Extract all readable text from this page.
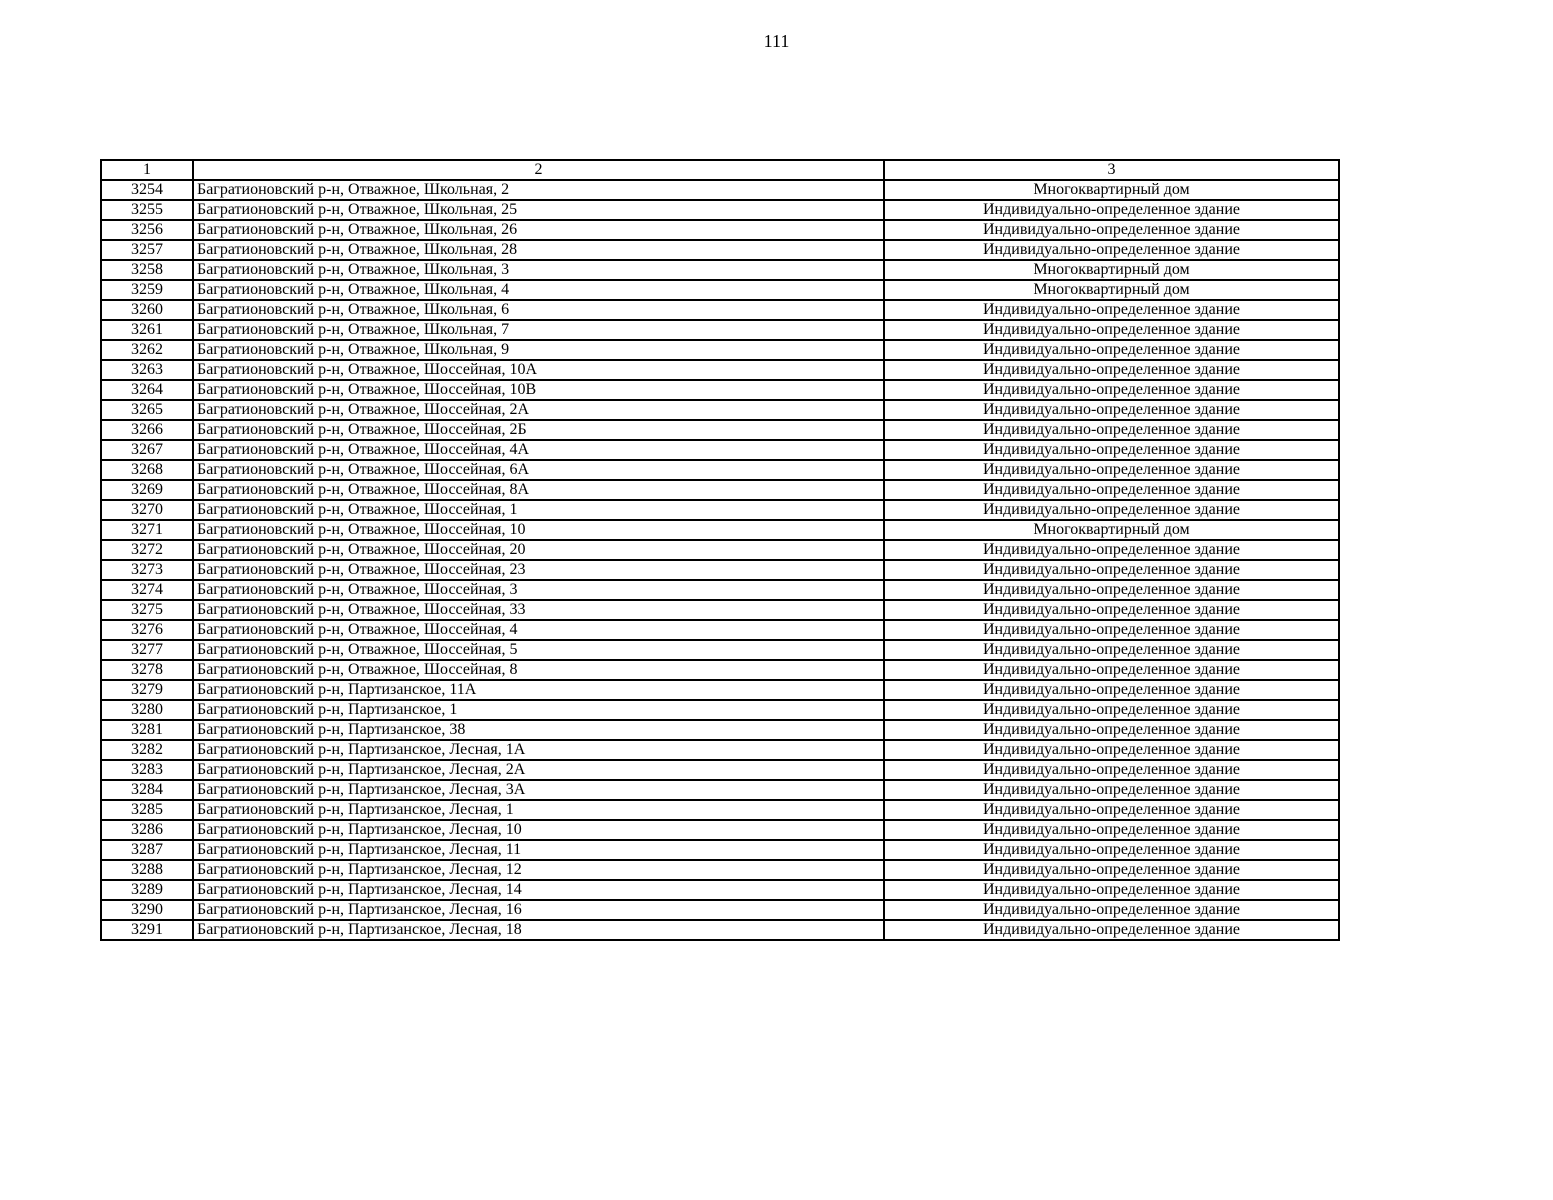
111
1	2	3
3254	Багратионовский р-н, Отважное, Школьная, 2	Многоквартирный дом
3255	Багратионовский р-н, Отважное, Школьная, 25	Индивидуально-определенное здание
3256	Багратионовский р-н, Отважное, Школьная, 26	Индивидуально-определенное здание
3257	Багратионовский р-н, Отважное, Школьная, 28	Индивидуально-определенное здание
3258	Багратионовский р-н, Отважное, Школьная, 3	Многоквартирный дом
3259	Багратионовский р-н, Отважное, Школьная, 4	Многоквартирный дом
3260	Багратионовский р-н, Отважное, Школьная, 6	Индивидуально-определенное здание
3261	Багратионовский р-н, Отважное, Школьная, 7	Индивидуально-определенное здание
3262	Багратионовский р-н, Отважное, Школьная, 9	Индивидуально-определенное здание
3263	Багратионовский р-н, Отважное, Шоссейная, 10А	Индивидуально-определенное здание
3264	Багратионовский р-н, Отважное, Шоссейная, 10В	Индивидуально-определенное здание
3265	Багратионовский р-н, Отважное, Шоссейная, 2А	Индивидуально-определенное здание
3266	Багратионовский р-н, Отважное, Шоссейная, 2Б	Индивидуально-определенное здание
3267	Багратионовский р-н, Отважное, Шоссейная, 4А	Индивидуально-определенное здание
3268	Багратионовский р-н, Отважное, Шоссейная, 6А	Индивидуально-определенное здание
3269	Багратионовский р-н, Отважное, Шоссейная, 8А	Индивидуально-определенное здание
3270	Багратионовский р-н, Отважное, Шоссейная, 1	Индивидуально-определенное здание
3271	Багратионовский р-н, Отважное, Шоссейная, 10	Многоквартирный дом
3272	Багратионовский р-н, Отважное, Шоссейная, 20	Индивидуально-определенное здание
3273	Багратионовский р-н, Отважное, Шоссейная, 23	Индивидуально-определенное здание
3274	Багратионовский р-н, Отважное, Шоссейная, 3	Индивидуально-определенное здание
3275	Багратионовский р-н, Отважное, Шоссейная, 33	Индивидуально-определенное здание
3276	Багратионовский р-н, Отважное, Шоссейная, 4	Индивидуально-определенное здание
3277	Багратионовский р-н, Отважное, Шоссейная, 5	Индивидуально-определенное здание
3278	Багратионовский р-н, Отважное, Шоссейная, 8	Индивидуально-определенное здание
3279	Багратионовский р-н, Партизанское, 11А	Индивидуально-определенное здание
3280	Багратионовский р-н, Партизанское, 1	Индивидуально-определенное здание
3281	Багратионовский р-н, Партизанское, 38	Индивидуально-определенное здание
3282	Багратионовский р-н, Партизанское, Лесная, 1А	Индивидуально-определенное здание
3283	Багратионовский р-н, Партизанское, Лесная, 2А	Индивидуально-определенное здание
3284	Багратионовский р-н, Партизанское, Лесная, 3А	Индивидуально-определенное здание
3285	Багратионовский р-н, Партизанское, Лесная, 1	Индивидуально-определенное здание
3286	Багратионовский р-н, Партизанское, Лесная, 10	Индивидуально-определенное здание
3287	Багратионовский р-н, Партизанское, Лесная, 11	Индивидуально-определенное здание
3288	Багратионовский р-н, Партизанское, Лесная, 12	Индивидуально-определенное здание
3289	Багратионовский р-н, Партизанское, Лесная, 14	Индивидуально-определенное здание
3290	Багратионовский р-н, Партизанское, Лесная, 16	Индивидуально-определенное здание
3291	Багратионовский р-н, Партизанское, Лесная, 18	Индивидуально-определенное здание
